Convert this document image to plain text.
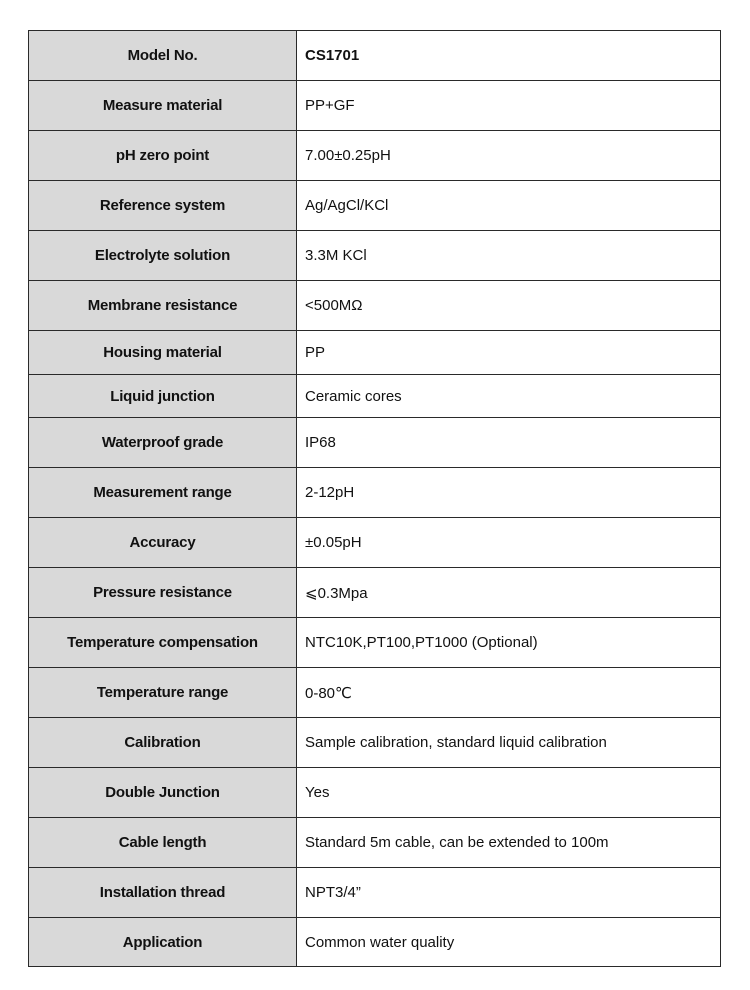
Model No.	CS1701
Measure material	PP+GF
pH zero point	7.00±0.25pH
Reference system	Ag/AgCl/KCl
Electrolyte solution	3.3M KCl
Membrane resistance	<500MΩ
Housing material	PP
Liquid junction	Ceramic cores
Waterproof grade	IP68
Measurement range	2-12pH
Accuracy	±0.05pH
Pressure resistance	⩽0.3Mpa
Temperature compensation	NTC10K,PT100,PT1000 (Optional)
Temperature range	0-80℃
Calibration	Sample calibration, standard liquid calibration
Double Junction	Yes
Cable length	Standard 5m cable, can be extended to 100m
Installation thread	NPT3/4”
Application	Common water quality
